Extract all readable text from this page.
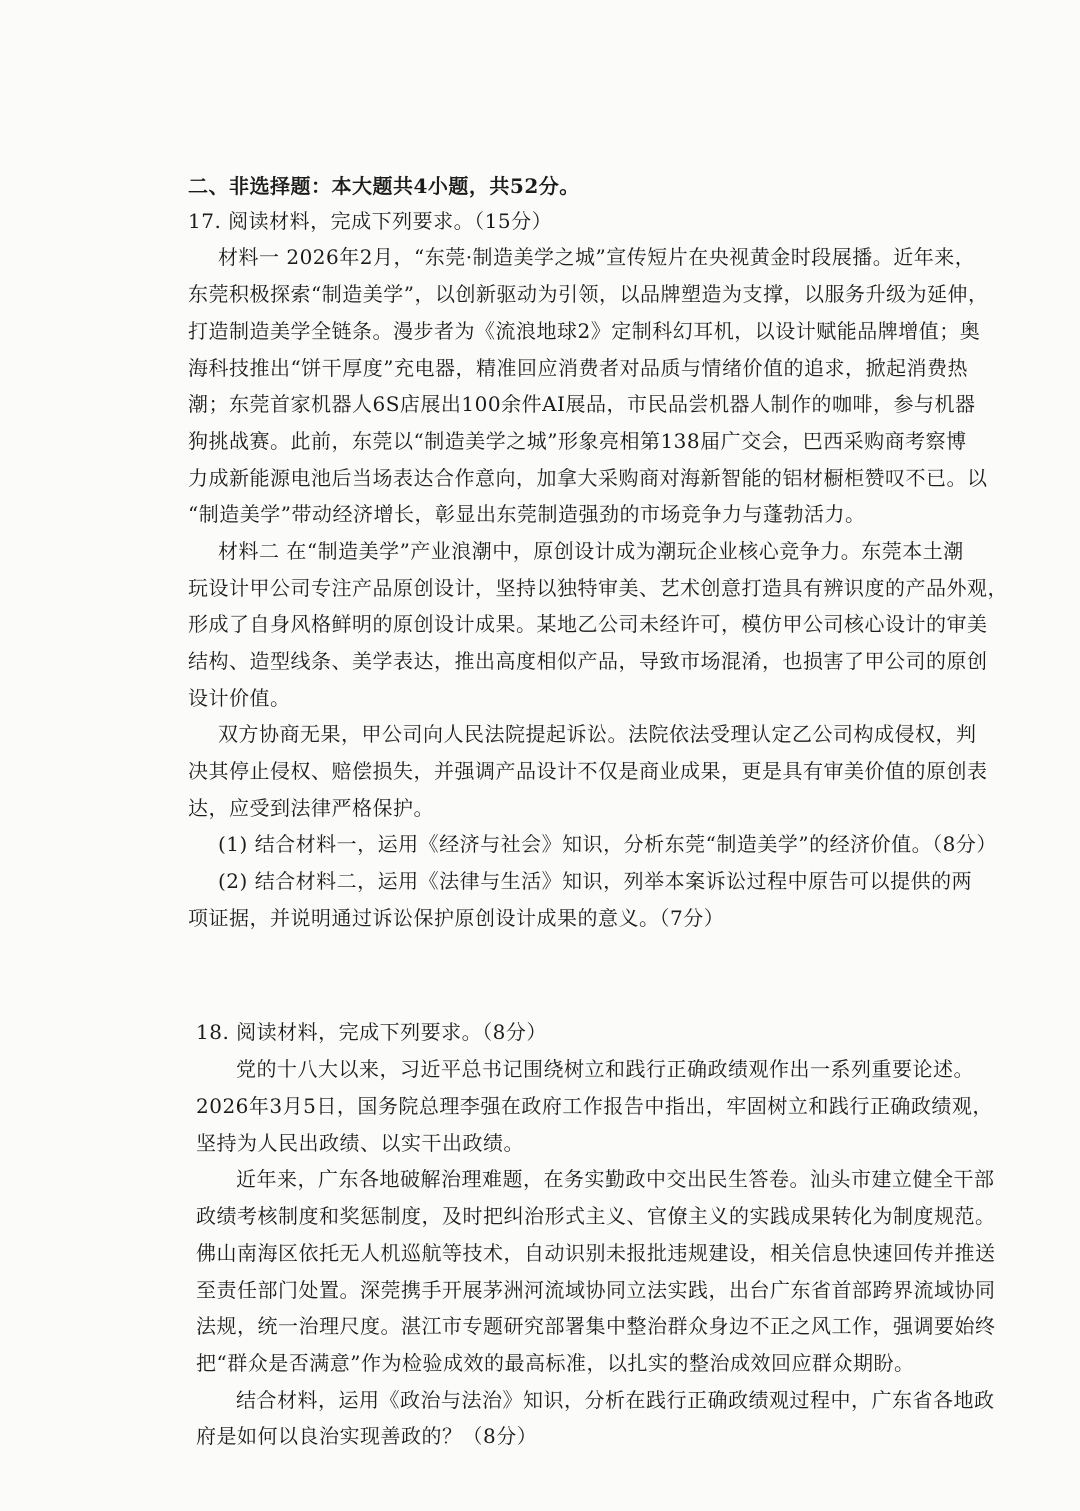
二、非选择题：本大题共4小题，共52分。
17. 阅读材料，完成下列要求。（15分）
材料一 2026年2月，“东莞·制造美学之城”宣传短片在央视黄金时段展播。近年来，
东莞积极探索“制造美学”，以创新驱动为引领，以品牌塑造为支撑，以服务升级为延伸，
打造制造美学全链条。漫步者为《流浪地球2》定制科幻耳机，以设计赋能品牌增值；奥
海科技推出“饼干厚度”充电器，精准回应消费者对品质与情绪价值的追求，掀起消费热
潮；东莞首家机器人6S店展出100余件AI展品，市民品尝机器人制作的咖啡，参与机器
狗挑战赛。此前，东莞以“制造美学之城”形象亮相第138届广交会，巴西采购商考察博
力成新能源电池后当场表达合作意向，加拿大采购商对海新智能的铝材橱柜赞叹不已。以
“制造美学”带动经济增长，彰显出东莞制造强劲的市场竞争力与蓬勃活力。
材料二 在“制造美学”产业浪潮中，原创设计成为潮玩企业核心竞争力。东莞本土潮
玩设计甲公司专注产品原创设计，坚持以独特审美、艺术创意打造具有辨识度的产品外观，
形成了自身风格鲜明的原创设计成果。某地乙公司未经许可，模仿甲公司核心设计的审美
结构、造型线条、美学表达，推出高度相似产品，导致市场混淆，也损害了甲公司的原创
设计价值。
双方协商无果，甲公司向人民法院提起诉讼。法院依法受理认定乙公司构成侵权，判
决其停止侵权、赔偿损失，并强调产品设计不仅是商业成果，更是具有审美价值的原创表
达，应受到法律严格保护。
(1) 结合材料一，运用《经济与社会》知识，分析东莞“制造美学”的经济价值。（8分）
(2) 结合材料二，运用《法律与生活》知识，列举本案诉讼过程中原告可以提供的两
项证据，并说明通过诉讼保护原创设计成果的意义。（7分）
18. 阅读材料，完成下列要求。（8分）
党的十八大以来，习近平总书记围绕树立和践行正确政绩观作出一系列重要论述。
2026年3月5日，国务院总理李强在政府工作报告中指出，牢固树立和践行正确政绩观，
坚持为人民出政绩、以实干出政绩。
近年来，广东各地破解治理难题，在务实勤政中交出民生答卷。汕头市建立健全干部
政绩考核制度和奖惩制度，及时把纠治形式主义、官僚主义的实践成果转化为制度规范。
佛山南海区依托无人机巡航等技术，自动识别未报批违规建设，相关信息快速回传并推送
至责任部门处置。深莞携手开展茅洲河流域协同立法实践，出台广东省首部跨界流域协同
法规，统一治理尺度。湛江市专题研究部署集中整治群众身边不正之风工作，强调要始终
把“群众是否满意”作为检验成效的最高标准，以扎实的整治成效回应群众期盼。
结合材料，运用《政治与法治》知识，分析在践行正确政绩观过程中，广东省各地政
府是如何以良治实现善政的？（8分）
